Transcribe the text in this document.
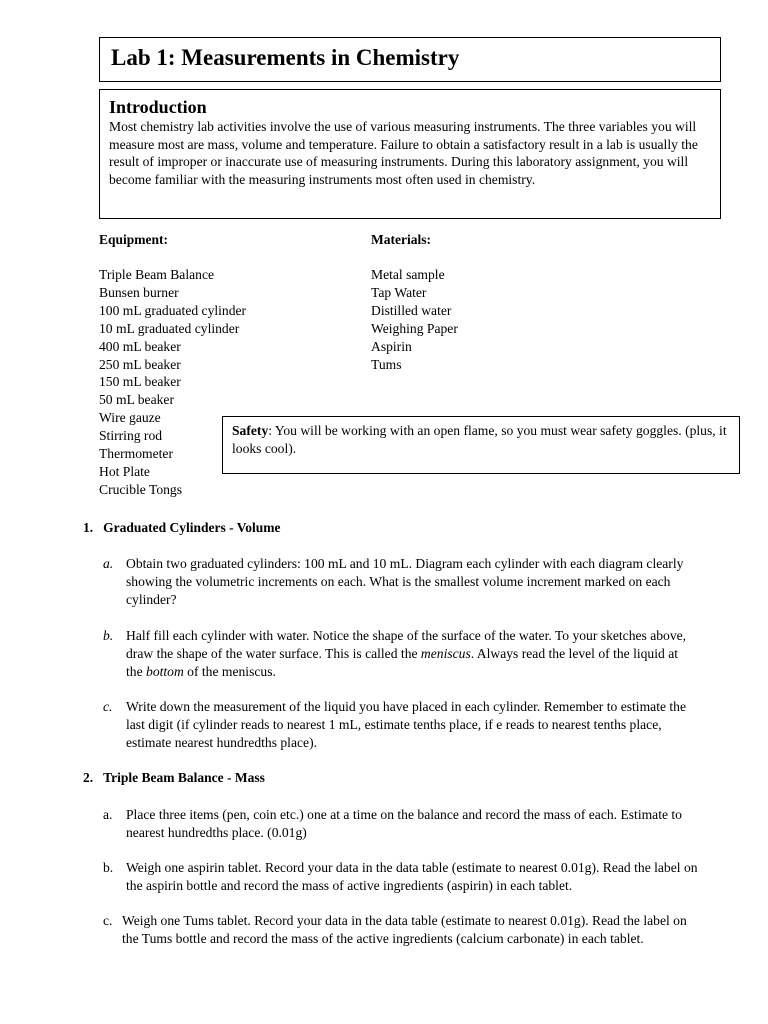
Lab 1: Measurements in Chemistry
Introduction

Most chemistry lab activities involve the use of various measuring instruments. The three variables you will measure most are mass, volume and temperature. Failure to obtain a satisfactory result in a lab is usually the result of improper or inaccurate use of measuring instruments. During this laboratory assignment, you will become familiar with the measuring instruments most often used in chemistry.

Equipment:
Triple Beam Balance
Bunsen burner
100 mL graduated cylinder
10 mL graduated cylinder
400 mL beaker
250 mL beaker
150 mL beaker
50 mL beaker
Wire gauze
Stirring rod
Thermometer
Hot Plate
Crucible Tongs
Materials:
Metal sample
Tap Water
Distilled water
Weighing Paper
Aspirin
Tums
Safety: You will be working with an open flame, so you must wear safety goggles. (plus, it looks cool).
1. Graduated Cylinders - Volume
a. Obtain two graduated cylinders: 100 mL and 10 mL. Diagram each cylinder with each diagram clearly showing the volumetric increments on each. What is the smallest volume increment marked on each cylinder?
b. Half fill each cylinder with water. Notice the shape of the surface of the water. To your sketches above, draw the shape of the water surface. This is called the meniscus. Always read the level of the liquid at the bottom of the meniscus.
c. Write down the measurement of the liquid you have placed in each cylinder. Remember to estimate the last digit (if cylinder reads to nearest 1 mL, estimate tenths place, if e reads to nearest tenths place, estimate nearest hundredths place).
2. Triple Beam Balance - Mass
a. Place three items (pen, coin etc.) one at a time on the balance and record the mass of each. Estimate to nearest hundredths place. (0.01g)
b. Weigh one aspirin tablet. Record your data in the data table (estimate to nearest 0.01g). Read the label on the aspirin bottle and record the mass of active ingredients (aspirin) in each tablet.
c. Weigh one Tums tablet. Record your data in the data table (estimate to nearest 0.01g). Read the label on the Tums bottle and record the mass of the active ingredients (calcium carbonate) in each tablet.
